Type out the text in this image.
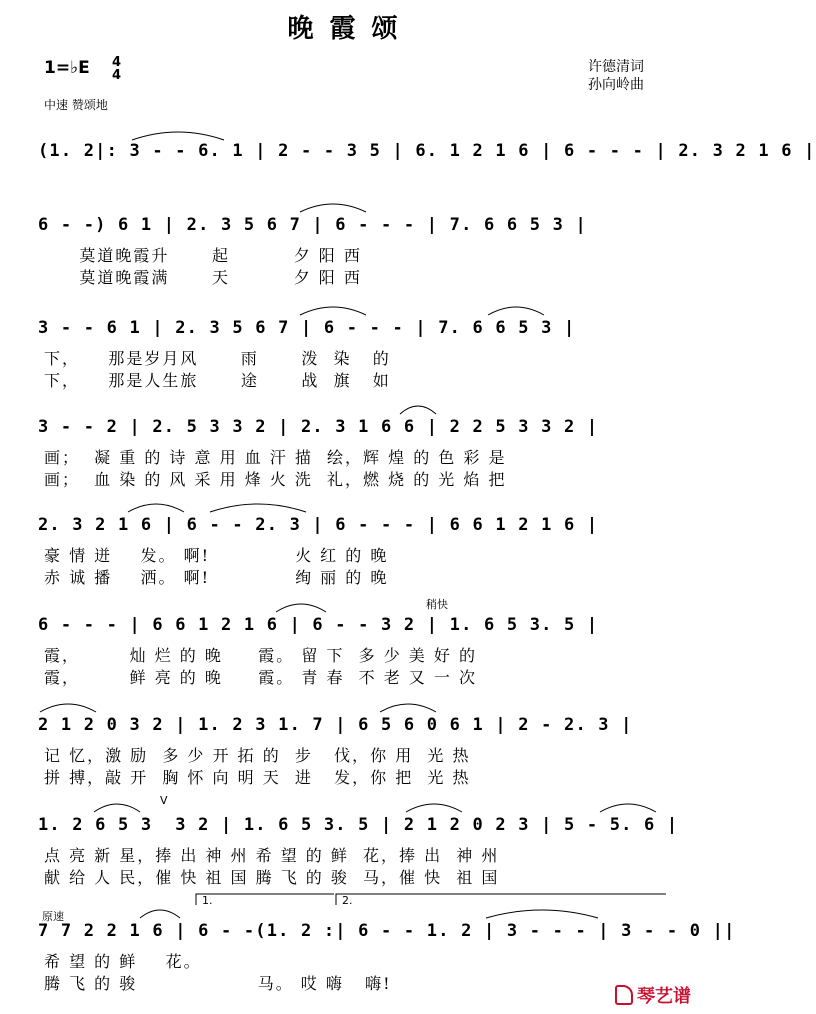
晚霞颂
1=♭E 4
4
中速 赞颂地
许德清词
孙向岭曲
(1. 2|: 3 - - 6. 1 | 2 - - 3 5 | 6. 1 2 1 6 | 6 - - - | 2. 3 2 1 6 |
6 - -) 6 1 | 2. 3 5 6 7 | 6 - - - | 7. 6 6 5 3 |
莫道晚霞升      起         夕 阳 西
莫道晚霞满      天         夕 阳 西
3 - - 6 1 | 2. 3 5 6 7 | 6 - - - | 7. 6 6 5 3 |
下，    那是岁月风      雨      泼  染   的
下，    那是人生旅      途      战  旗   如
3 - - 2 | 2. 5 3 3 2 | 2. 3 1 6 6 | 2 2 5 3 3 2 |
画；  凝 重 的 诗 意 用 血 汗 描  绘，辉 煌 的 色 彩 是
画；  血 染 的 风 采 用 烽 火 洗  礼，燃 烧 的 光 焰 把
2. 3 2 1 6 | 6 - - 2. 3 | 6 - - - | 6 6 1 2 1 6 |
豪 情 迸    发。 啊!            火 红 的 晚
赤 诚 播    洒。 啊!            绚 丽 的 晚
稍快
6 - - - | 6 6 1 2 1 6 | 6 - - 3 2 | 1. 6 5 3. 5 |
霞，       灿 烂 的 晚     霞。 留 下  多 少 美 好 的
霞，       鲜 亮 的 晚     霞。 青 春  不 老 又 一 次
2 1 2 0 3 2 | 1. 2 3 1. 7 | 6 5 6 0 6 1 | 2 - 2. 3 |
记 忆，激 励  多 少 开 拓 的  步   伐，你 用  光 热
拼 搏，敲 开  胸 怀 向 明 天  进   发，你 把  光 热
V
1. 2 6 5 3  3 2 | 1. 6 5 3. 5 | 2 1 2 0 2 3 | 5 - 5. 6 |
点 亮 新 星，捧 出 神 州 希 望 的 鲜  花，捧 出  神 州
献 给 人 民，催 快 祖 国 腾 飞 的 骏  马，催 快  祖 国
原速
1.	2.
7 7 2 2 1 6 | 6 - -(1. 2 :| 6 - - 1. 2 | 3 - - - | 3 - - 0 ||
希 望 的 鲜    花。
腾 飞 的 骏                 马。 哎 嗨   嗨!
琴艺谱
